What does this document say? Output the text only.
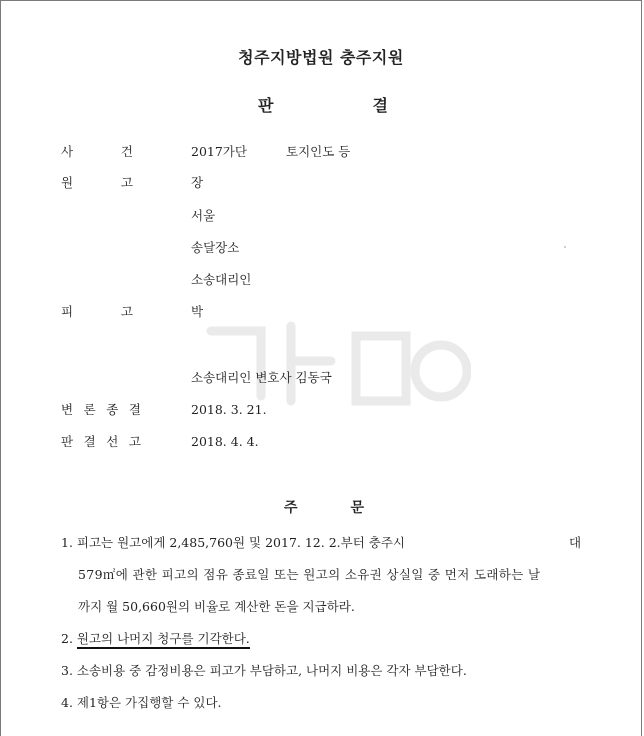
청주지방법원 충주지원
판	결
사	건	2017가단	토지인도 등
원	고	장
서울
송달장소
소송대리인
피	고	박
소송대리인 변호사 김동국
변 론 종 결	2018. 3. 21.
판 결 선 고	2018. 4. 4.
주	문
1. 피고는 원고에게 2,485,760원 및 2017. 12. 2.부터 충주시	대
579㎡에 관한 피고의 점유 종료일 또는 원고의 소유권 상실일 중 먼저 도래하는 날
까지 월 50,660원의 비율로 계산한 돈을 지급하라.
2. 원고의 나머지 청구를 기각한다.
3. 소송비용 중 감정비용은 피고가 부담하고, 나머지 비용은 각자 부담한다.
4. 제1항은 가집행할 수 있다.
